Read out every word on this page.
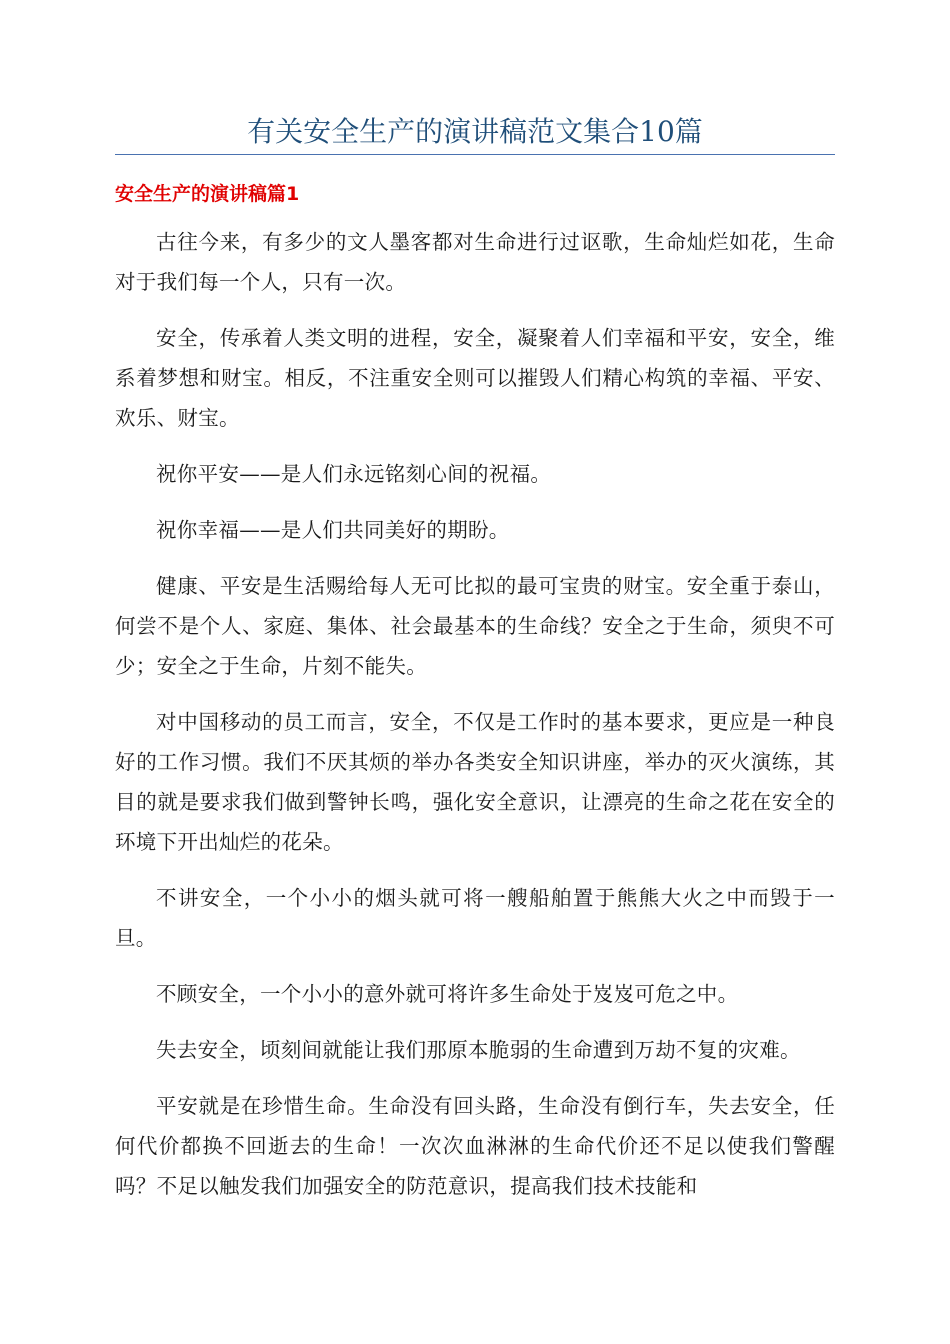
有关安全生产的演讲稿范文集合10篇
安全生产的演讲稿篇1

古往今来，有多少的文人墨客都对生命进行过讴歌，生命灿烂如花，生命对于我们每一个人，只有一次。

安全，传承着人类文明的进程，安全，凝聚着人们幸福和平安，安全，维系着梦想和财宝。相反，不注重安全则可以摧毁人们精心构筑的幸福、平安、欢乐、财宝。

祝你平安——是人们永远铭刻心间的祝福。

祝你幸福——是人们共同美好的期盼。

健康、平安是生活赐给每人无可比拟的最可宝贵的财宝。安全重于泰山，何尝不是个人、家庭、集体、社会最基本的生命线？安全之于生命，须臾不可少；安全之于生命，片刻不能失。

对中国移动的员工而言，安全，不仅是工作时的基本要求，更应是一种良好的工作习惯。我们不厌其烦的举办各类安全知识讲座，举办的灭火演练，其目的就是要求我们做到警钟长鸣，强化安全意识，让漂亮的生命之花在安全的环境下开出灿烂的花朵。

不讲安全，一个小小的烟头就可将一艘船舶置于熊熊大火之中而毁于一旦。

不顾安全，一个小小的意外就可将许多生命处于岌岌可危之中。

失去安全，顷刻间就能让我们那原本脆弱的生命遭到万劫不复的灾难。

平安就是在珍惜生命。生命没有回头路，生命没有倒行车，失去安全，任何代价都换不回逝去的生命！一次次血淋淋的生命代价还不足以使我们警醒吗？不足以触发我们加强安全的防范意识，提高我们技术技能和
